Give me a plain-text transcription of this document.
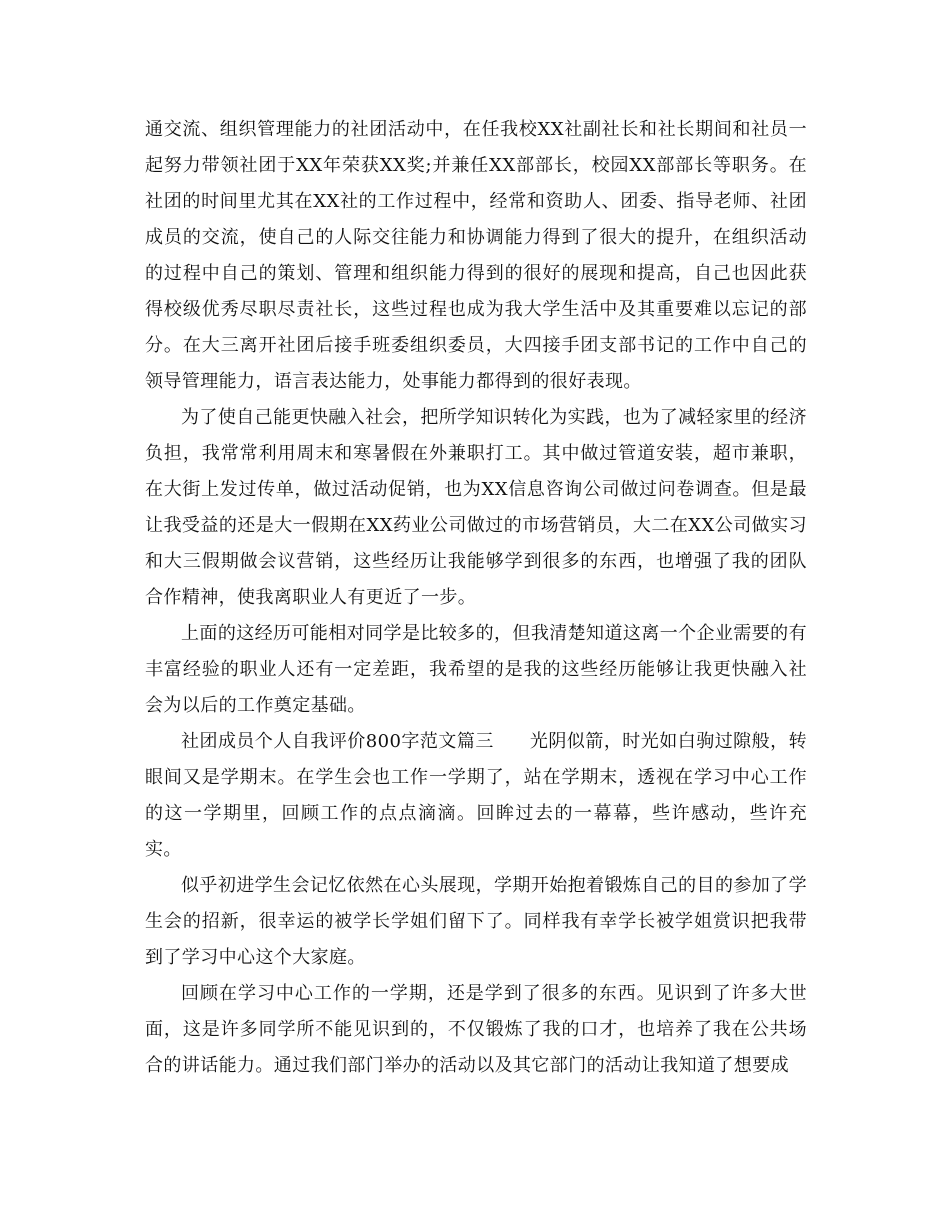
通交流、组织管理能力的社团活动中，在任我校XX社副社长和社长期间和社员一起努力带领社团于XX年荣获XX奖;并兼任XX部部长，校园XX部部长等职务。在社团的时间里尤其在XX社的工作过程中，经常和资助人、团委、指导老师、社团成员的交流，使自己的人际交往能力和协调能力得到了很大的提升，在组织活动的过程中自己的策划、管理和组织能力得到的很好的展现和提高，自己也因此获得校级优秀尽职尽责社长，这些过程也成为我大学生活中及其重要难以忘记的部分。在大三离开社团后接手班委组织委员，大四接手团支部书记的工作中自己的领导管理能力，语言表达能力，处事能力都得到的很好表现。

为了使自己能更快融入社会，把所学知识转化为实践，也为了减轻家里的经济负担，我常常利用周末和寒暑假在外兼职打工。其中做过管道安装，超市兼职，在大街上发过传单，做过活动促销，也为XX信息咨询公司做过问卷调查。但是最让我受益的还是大一假期在XX药业公司做过的市场营销员，大二在XX公司做实习和大三假期做会议营销，这些经历让我能够学到很多的东西，也增强了我的团队合作精神，使我离职业人有更近了一步。

上面的这经历可能相对同学是比较多的，但我清楚知道这离一个企业需要的有丰富经验的职业人还有一定差距，我希望的是我的这些经历能够让我更快融入社会为以后的工作奠定基础。

社团成员个人自我评价800字范文篇三 光阴似箭，时光如白驹过隙般，转眼间又是学期末。在学生会也工作一学期了，站在学期末，透视在学习中心工作的这一学期里，回顾工作的点点滴滴。回眸过去的一幕幕，些许感动，些许充实。

似乎初进学生会记忆依然在心头展现，学期开始抱着锻炼自己的目的参加了学生会的招新，很幸运的被学长学姐们留下了。同样我有幸学长被学姐赏识把我带到了学习中心这个大家庭。

回顾在学习中心工作的一学期，还是学到了很多的东西。见识到了许多大世面，这是许多同学所不能见识到的，不仅锻炼了我的口才，也培养了我在公共场合的讲话能力。通过我们部门举办的活动以及其它部门的活动让我知道了想要成
